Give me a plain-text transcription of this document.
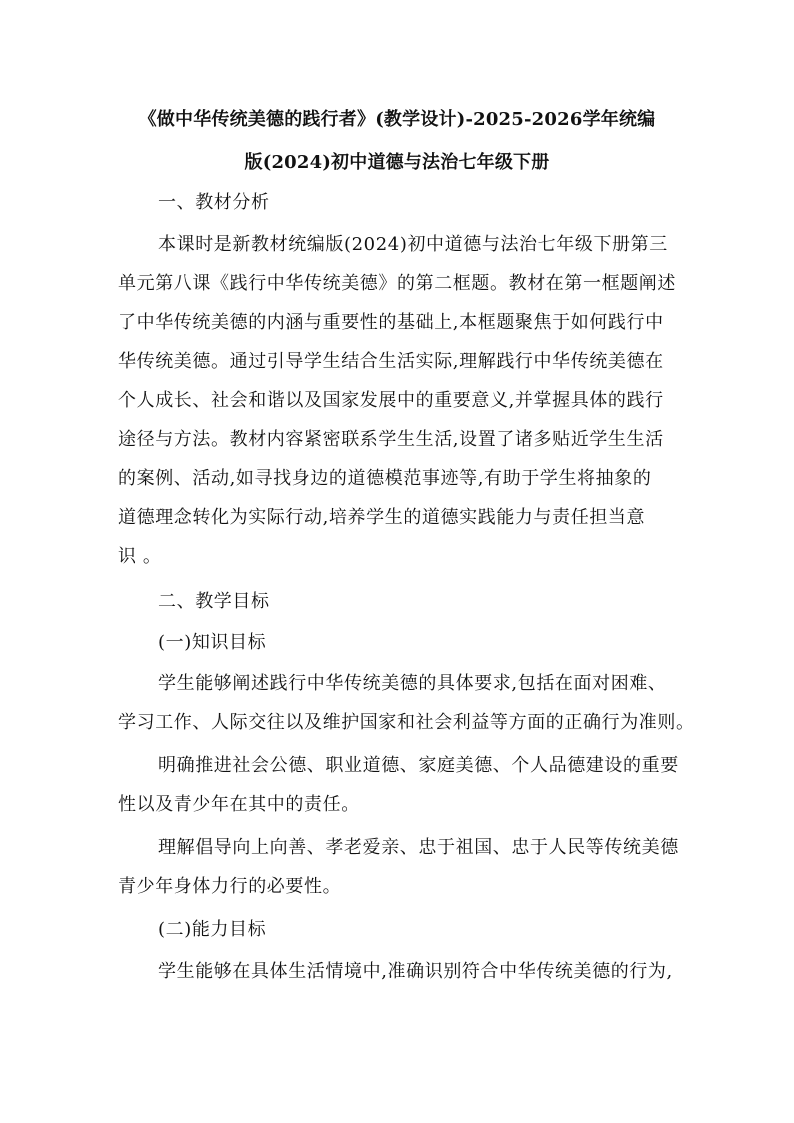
《做中华传统美德的践行者》(教学设计)-2025-2026学年统编
版(2024)初中道德与法治七年级下册
一、教材分析
本课时是新教材统编版(2024)初中道德与法治七年级下册第三
单元第八课《践行中华传统美德》的第二框题。教材在第一框题阐述
了中华传统美德的内涵与重要性的基础上,本框题聚焦于如何践行中
华传统美德。通过引导学生结合生活实际,理解践行中华传统美德在
个人成长、社会和谐以及国家发展中的重要意义,并掌握具体的践行
途径与方法。教材内容紧密联系学生生活,设置了诸多贴近学生生活
的案例、活动,如寻找身边的道德模范事迹等,有助于学生将抽象的
道德理念转化为实际行动,培养学生的道德实践能力与责任担当意
识 。
二、教学目标
(一)知识目标
学生能够阐述践行中华传统美德的具体要求,包括在面对困难、
学习工作、人际交往以及维护国家和社会利益等方面的正确行为准则。
明确推进社会公德、职业道德、家庭美德、个人品德建设的重要
性以及青少年在其中的责任。
理解倡导向上向善、孝老爱亲、忠于祖国、忠于人民等传统美德
青少年身体力行的必要性。
(二)能力目标
学生能够在具体生活情境中,准确识别符合中华传统美德的行为,
